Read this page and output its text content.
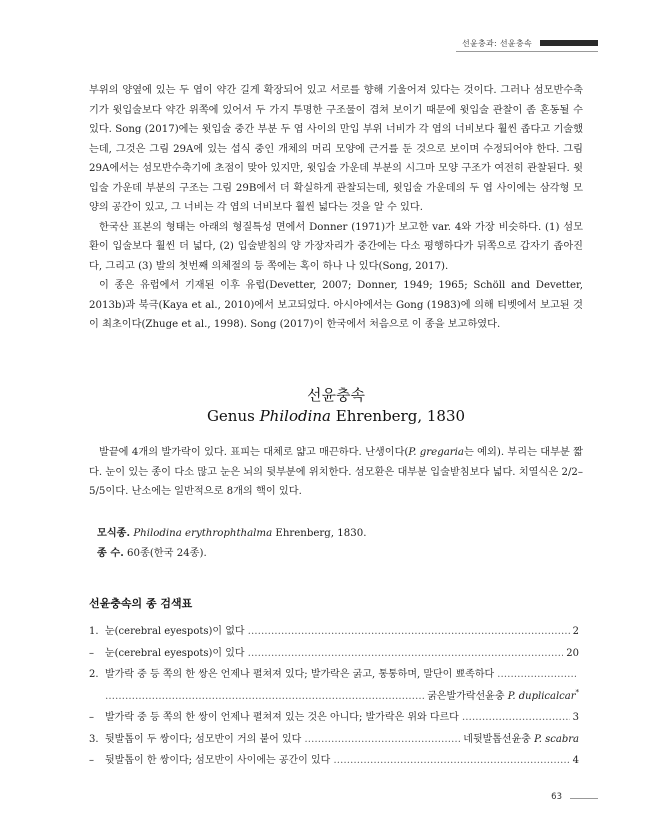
선윤충과: 선윤충속

부위의 양옆에 있는 두 엽이 약간 길게 확장되어 있고 서로를 향해 기울어져 있다는 것이다. 그러나 섬모반수축기가 윗입술보다 약간 위쪽에 있어서 두 가지 투명한 구조물이 겹쳐 보이기 때문에 윗입술 관찰이 좀 혼동될 수 있다. Song (2017)에는 윗입술 중간 부분 두 엽 사이의 만입 부위 너비가 각 엽의 너비보다 훨씬 좁다고 기술했는데, 그것은 그림 29A에 있는 섭식 중인 개체의 머리 모양에 근거를 둔 것으로 보이며 수정되어야 한다. 그림 29A에서는 섬모반수축기에 초점이 맞아 있지만, 윗입술 가운데 부분의 시그마 모양 구조가 여전히 관찰된다. 윗입술 가운데 부분의 구조는 그림 29B에서 더 확실하게 관찰되는데, 윗입술 가운데의 두 엽 사이에는 삼각형 모양의 공간이 있고, 그 너비는 각 엽의 너비보다 훨씬 넓다는 것을 알 수 있다.

한국산 표본의 형태는 아래의 형질특성 면에서 Donner (1971)가 보고한 var. 4와 가장 비슷하다. (1) 섬모환이 입술보다 훨씬 더 넓다, (2) 입술받침의 양 가장자리가 중간에는 다소 평행하다가 뒤쪽으로 갑자기 좁아진다, 그리고 (3) 발의 첫번째 의체절의 등 쪽에는 혹이 하나 나 있다(Song, 2017).

이 종은 유럽에서 기재된 이후 유럽(Devetter, 2007; Donner, 1949; 1965; Schöll and Devetter, 2013b)과 북극(Kaya et al., 2010)에서 보고되었다. 아시아에서는 Gong (1983)에 의해 티벳에서 보고된 것이 최초이다(Zhuge et al., 1998). Song (2017)이 한국에서 처음으로 이 종을 보고하였다.

선윤충속
Genus Philodina Ehrenberg, 1830

발끝에 4개의 발가락이 있다. 표피는 대체로 얇고 매끈하다. 난생이다(P. gregaria는 예외). 부리는 대부분 짧다. 눈이 있는 종이 다소 많고 눈은 뇌의 뒷부분에 위치한다. 섬모환은 대부분 입술받침보다 넓다. 치열식은 2/2–5/5이다. 난소에는 일반적으로 8개의 핵이 있다.

모식종. Philodina erythrophthalma Ehrenberg, 1830.

종 수. 60종(한국 24종).

선윤충속의 종 검색표
1. 눈(cerebral eyespots)이 없다 …………………………………………………………………………………………………………………………………………………………………………………	2
–	눈(cerebral eyespots)이 있다 …………………………………………………………………………………………………………………………………………………………………………………	20
2. 발가락 중 등 쪽의 한 쌍은 언제나 펼쳐져 있다; 발가락은 굵고, 통통하며, 말단이 뾰족하다
…………………………………………………………………………………………………………………………………………………………………………………
…………………………………………………………………………………………………………………………………………………………………………………
굵은발가락선윤충 P. duplicalcar*
–	발가락 중 등 쪽의 한 쌍이 언제나 펼쳐져 있는 것은 아니다; 발가락은 위와 다르다 …………………………………………………………………………………………………………………………………………………………………………………	3
3. 뒷발톱이 두 쌍이다; 섬모반이 거의 붙어 있다 …………………………………………………………………………………………………………………………………………………………………………………	네뒷발톱선윤충 P. scabra
–	뒷발톱이 한 쌍이다; 섬모반이 사이에는 공간이 있다 …………………………………………………………………………………………………………………………………………………………………………………	4
63
